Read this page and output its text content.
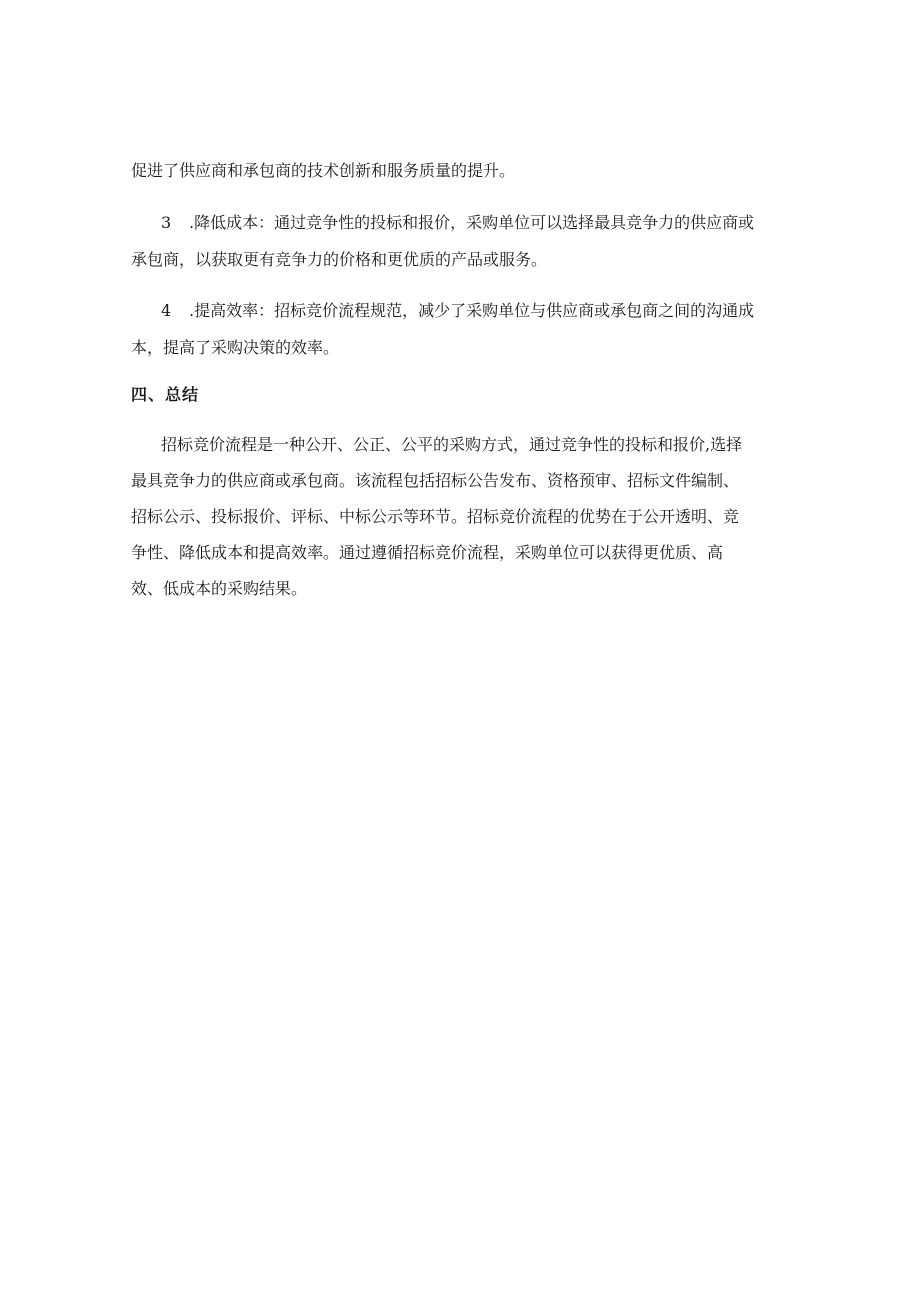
促进了供应商和承包商的技术创新和服务质量的提升。
3 .降低成本：通过竞争性的投标和报价，采购单位可以选择最具竞争力的供应商或
承包商，以获取更有竞争力的价格和更优质的产品或服务。
4 .提高效率：招标竞价流程规范，减少了采购单位与供应商或承包商之间的沟通成
本，提高了采购决策的效率。
四、总结
招标竞价流程是一种公开、公正、公平的采购方式，通过竞争性的投标和报价,选择
最具竞争力的供应商或承包商。该流程包括招标公告发布、资格预审、招标文件编制、
招标公示、投标报价、评标、中标公示等环节。招标竞价流程的优势在于公开透明、竞
争性、降低成本和提高效率。通过遵循招标竞价流程，采购单位可以获得更优质、高
效、低成本的采购结果。
